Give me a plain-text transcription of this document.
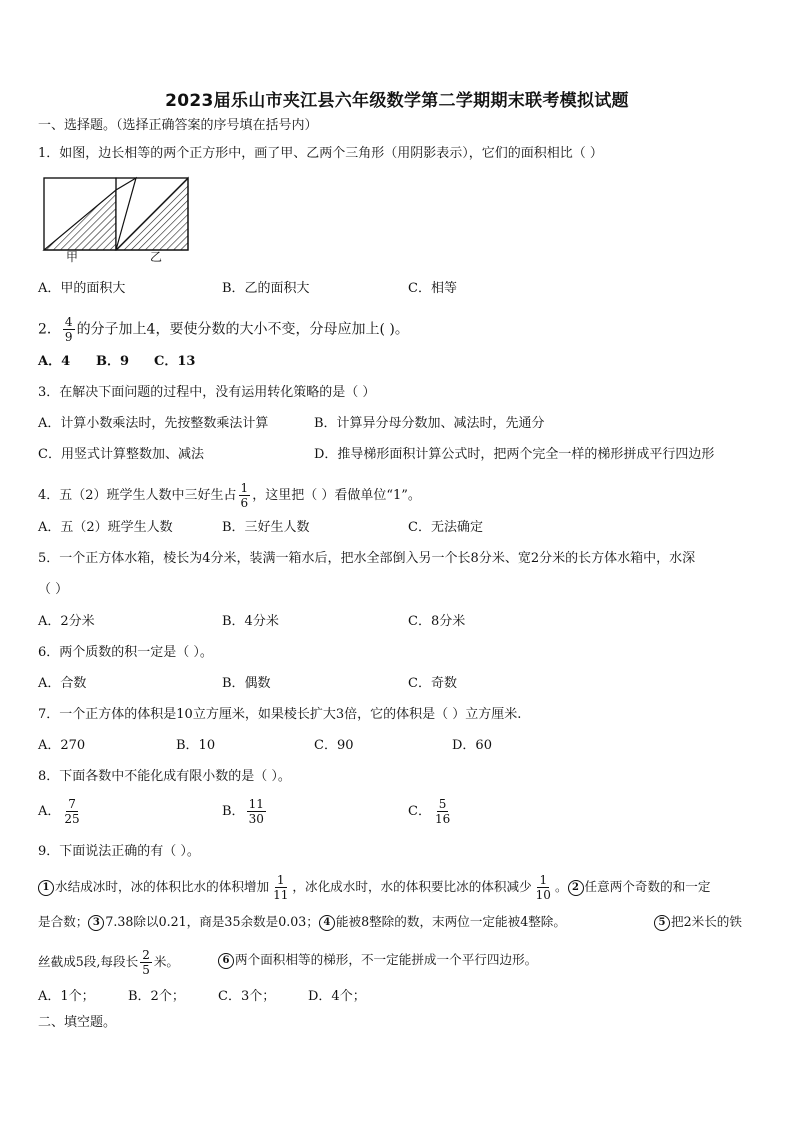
2023届乐山市夹江县六年级数学第二学期期末联考模拟试题
一、选择题。（选择正确答案的序号填在括号内）
1．如图，边长相等的两个正方形中，画了甲、乙两个三角形（用阴影表示），它们的面积相比（ ）
甲	乙
A．甲的面积大	B．乙的面积大	C．相等
2． $\frac{4}{9}$ 的分子加上4，要使分数的大小不变，分母应加上( )。
A．4 B．9 C．13
3．在解决下面问题的过程中，没有运用转化策略的是（ ）
A．计算小数乘法时，先按整数乘法计算	B．计算异分母分数加、减法时，先通分
C．用竖式计算整数加、减法	D．推导梯形面积计算公式时，把两个完全一样的梯形拼成平行四边形
4．五（2）班学生人数中三好生占 $\frac{1}{6}$ ，这里把（ ）看做单位“1”。
A．五（2）班学生人数	B．三好生人数	C．无法确定
5．一个正方体水箱，棱长为4分米，装满一箱水后，把水全部倒入另一个长8分米、宽2分米的长方体水箱中，水深
（ ）
A．2分米	B．4分米	C．8分米
6．两个质数的积一定是（ ）。
A．合数	B．偶数	C．奇数
7．一个正方体的体积是10立方厘米，如果棱长扩大3倍，它的体积是（ ）立方厘米.
A．270	B．10	C．90	D．60
8．下面各数中不能化成有限小数的是（ ）。
A． $\frac{7}{25}$	B． $\frac{11}{30}$	C． $\frac{5}{16}$
9．下面说法正确的有（ ）。
1 水结成冰时，冰的体积比水的体积增加 $\frac{1}{11}$ ，冰化成水时，水的体积要比冰的体积减少 $\frac{1}{10}$ 。 2 任意两个奇数的和一定
是合数； 3 7.38除以0.21，商是35余数是0.03； 4 能被8整除的数，末两位一定能被4整除。	5 把2米长的铁
丝截成5段,每段长 $\frac{2}{5}$ 米。	6 两个面积相等的梯形，不一定能拼成一个平行四边形。
A．1个；	B．2个；	C．3个；	D．4个；
二、填空题。
